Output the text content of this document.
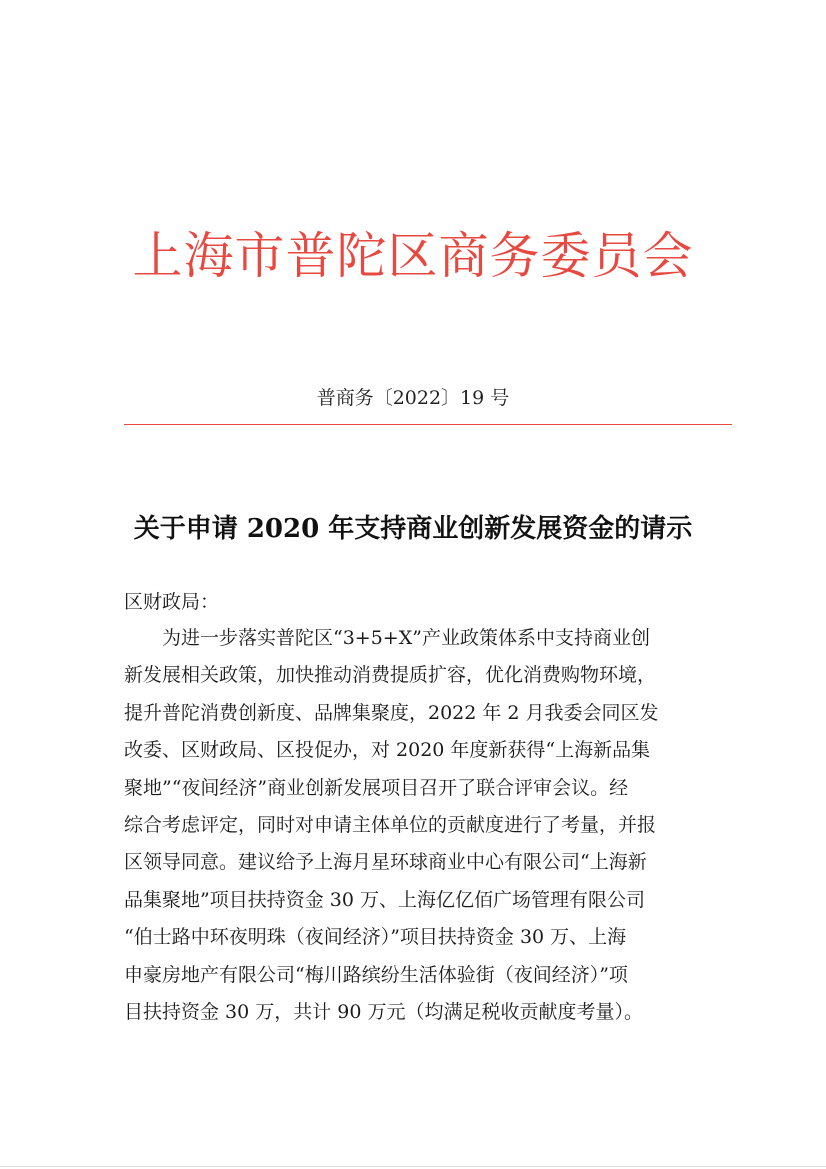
上海市普陀区商务委员会
普商务〔2022〕19 号
关于申请 2020 年支持商业创新发展资金的请示
区财政局：
为进一步落实普陀区“3+5+X”产业政策体系中支持商业创
新发展相关政策，加快推动消费提质扩容，优化消费购物环境，
提升普陀消费创新度、品牌集聚度，2022 年 2 月我委会同区发
改委、区财政局、区投促办，对 2020 年度新获得“上海新品集
聚地”“夜间经济”商业创新发展项目召开了联合评审会议。经
综合考虑评定，同时对申请主体单位的贡献度进行了考量，并报
区领导同意。建议给予上海月星环球商业中心有限公司“上海新
品集聚地”项目扶持资金 30 万、上海亿亿佰广场管理有限公司
“伯士路中环夜明珠（夜间经济）”项目扶持资金 30 万、上海
申豪房地产有限公司“梅川路缤纷生活体验街（夜间经济）”项
目扶持资金 30 万，共计 90 万元（均满足税收贡献度考量）。
